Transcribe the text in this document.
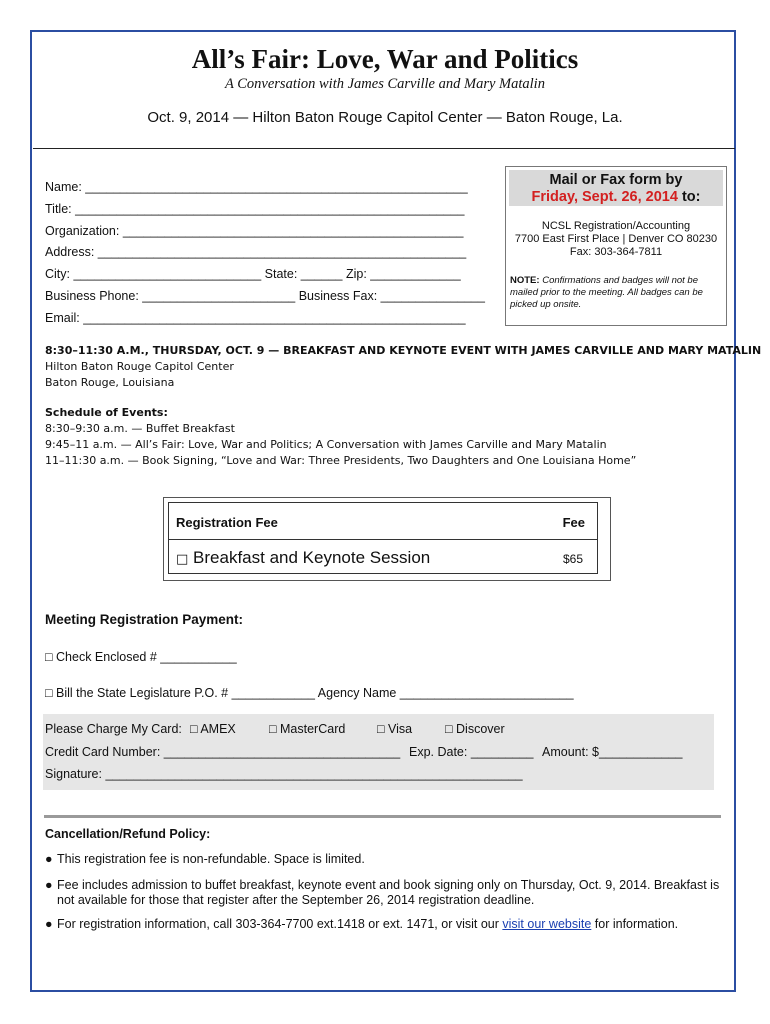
All’s Fair: Love, War and Politics
A Conversation with James Carville and Mary Matalin
Oct. 9, 2014 — Hilton Baton Rouge Capitol Center — Baton Rouge, La.
Name: _______________________________________________________
Title: ________________________________________________________
Organization: _________________________________________________
Address: _____________________________________________________
City: ___________________________ State: ______ Zip: _____________
Business Phone: ______________________ Business Fax: _______________
Email: _______________________________________________________
Mail or Fax form by
Friday, Sept. 26, 2014 to:
NCSL Registration/Accounting
7700 East First Place | Denver CO 80230
Fax: 303-364-7811
NOTE: Confirmations and badges will not be mailed prior to the meeting. All badges can be picked up onsite.
8:30–11:30 A.M., THURSDAY, OCT. 9 — BREAKFAST AND KEYNOTE EVENT WITH JAMES CARVILLE AND MARY MATALIN
Hilton Baton Rouge Capitol Center
Baton Rouge, Louisiana
Schedule of Events:
8:30–9:30 a.m. — Buffet Breakfast
9:45–11 a.m. — All’s Fair: Love, War and Politics; A Conversation with James Carville and Mary Matalin
11–11:30 a.m. — Book Signing, “Love and War: Three Presidents, Two Daughters and One Louisiana Home”
Registration Fee	Fee
□ Breakfast and Keynote Session	$65
Meeting Registration Payment:
□ Check Enclosed # ___________
□ Bill the State Legislature P.O. # ____________ Agency Name _________________________
Please Charge My Card: □ AMEX	□ MasterCard	□ Visa	□ Discover
Credit Card Number: __________________________________ Exp. Date: _________ Amount: $____________
Signature: ____________________________________________________________
Cancellation/Refund Policy:
● This registration fee is non-refundable. Space is limited.
● Fee includes admission to buffet breakfast, keynote event and book signing only on Thursday, Oct. 9, 2014. Breakfast is
not available for those that register after the September 26, 2014 registration deadline.
● For registration information, call 303-364-7700 ext.1418 or ext. 1471, or visit our visit our website for information.
